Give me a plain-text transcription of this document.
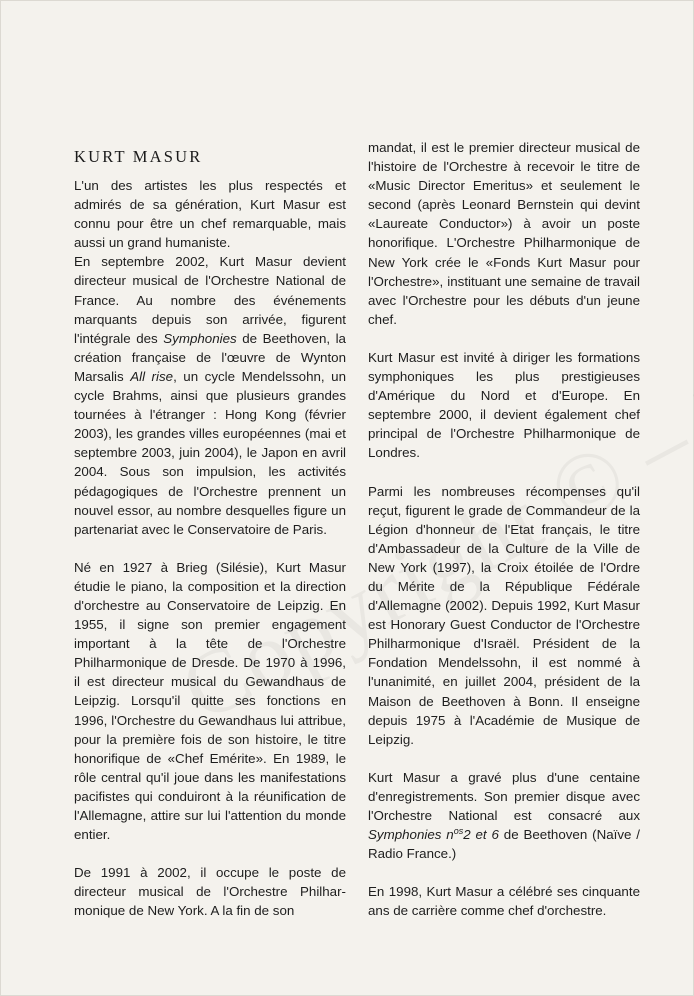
KURT MASUR

L'un des artistes les plus respectés et admirés de sa génération, Kurt Masur est connu pour être un chef remarquable, mais aussi un grand humaniste.

En septembre 2002, Kurt Masur devient directeur musical de l'Orchestre National de France. Au nombre des événements marquants depuis son arrivée, figurent l'intégrale des Symphonies de Beethoven, la création française de l'œuvre de Wynton Marsalis All rise, un cycle Mendelssohn, un cycle Brahms, ainsi que plusieurs grandes tournées à l'étranger : Hong Kong (février 2003), les grandes villes européennes (mai et septembre 2003, juin 2004), le Japon en avril 2004. Sous son impulsion, les activités pédagogiques de l'Orchestre prennent un nouvel essor, au nombre desquelles figure un partenariat avec le Conservatoire de Paris.

Né en 1927 à Brieg (Silésie), Kurt Masur étudie le piano, la composition et la direction d'orchestre au Conservatoire de Leipzig. En 1955, il signe son premier engagement important à la tête de l'Orchestre Philharmonique de Dresde. De 1970 à 1996, il est directeur musical du Gewandhaus de Leipzig. Lorsqu'il quitte ses fonctions en 1996, l'Orchestre du Gewandhaus lui attribue, pour la première fois de son histoire, le titre honorifique de «Chef Emérite». En 1989, le rôle central qu'il joue dans les manifestations pacifistes qui conduiront à la réunification de l'Allemagne, attire sur lui l'attention du monde entier.

De 1991 à 2002, il occupe le poste de directeur musical de l'Orchestre Philharmonique de New York. A la fin de son

mandat, il est le premier directeur musical de l'histoire de l'Orchestre à recevoir le titre de «Music Director Emeritus» et seulement le second (après Leonard Bernstein qui devint «Laureate Conductor») à avoir un poste honorifique. L'Orchestre Philharmonique de New York crée le «Fonds Kurt Masur pour l'Orchestre», instituant une semaine de travail avec l'Orchestre pour les débuts d'un jeune chef.

Kurt Masur est invité à diriger les formations symphoniques les plus prestigieuses d'Amérique du Nord et d'Europe. En septembre 2000, il devient également chef principal de l'Orchestre Philharmonique de Londres.

Parmi les nombreuses récompenses qu'il reçut, figurent le grade de Commandeur de la Légion d'honneur de l'Etat français, le titre d'Ambassadeur de la Culture de la Ville de New York (1997), la Croix étoilée de l'Ordre du Mérite de la République Fédérale d'Allemagne (2002). Depuis 1992, Kurt Masur est Honorary Guest Conductor de l'Orchestre Philharmonique d'Israël. Président de la Fondation Mendelssohn, il est nommé à l'unanimité, en juillet 2004, président de la Maison de Beethoven à Bonn. Il enseigne depuis 1975 à l'Académie de Musique de Leipzig.

Kurt Masur a gravé plus d'une centaine d'enregistrements. Son premier disque avec l'Orchestre National est consacré aux Symphonies $n^{os}2$ et 6 de Beethoven (Naïve / Radio France.)

En 1998, Kurt Masur a célébré ses cinquante ans de carrière comme chef d'orchestre.
